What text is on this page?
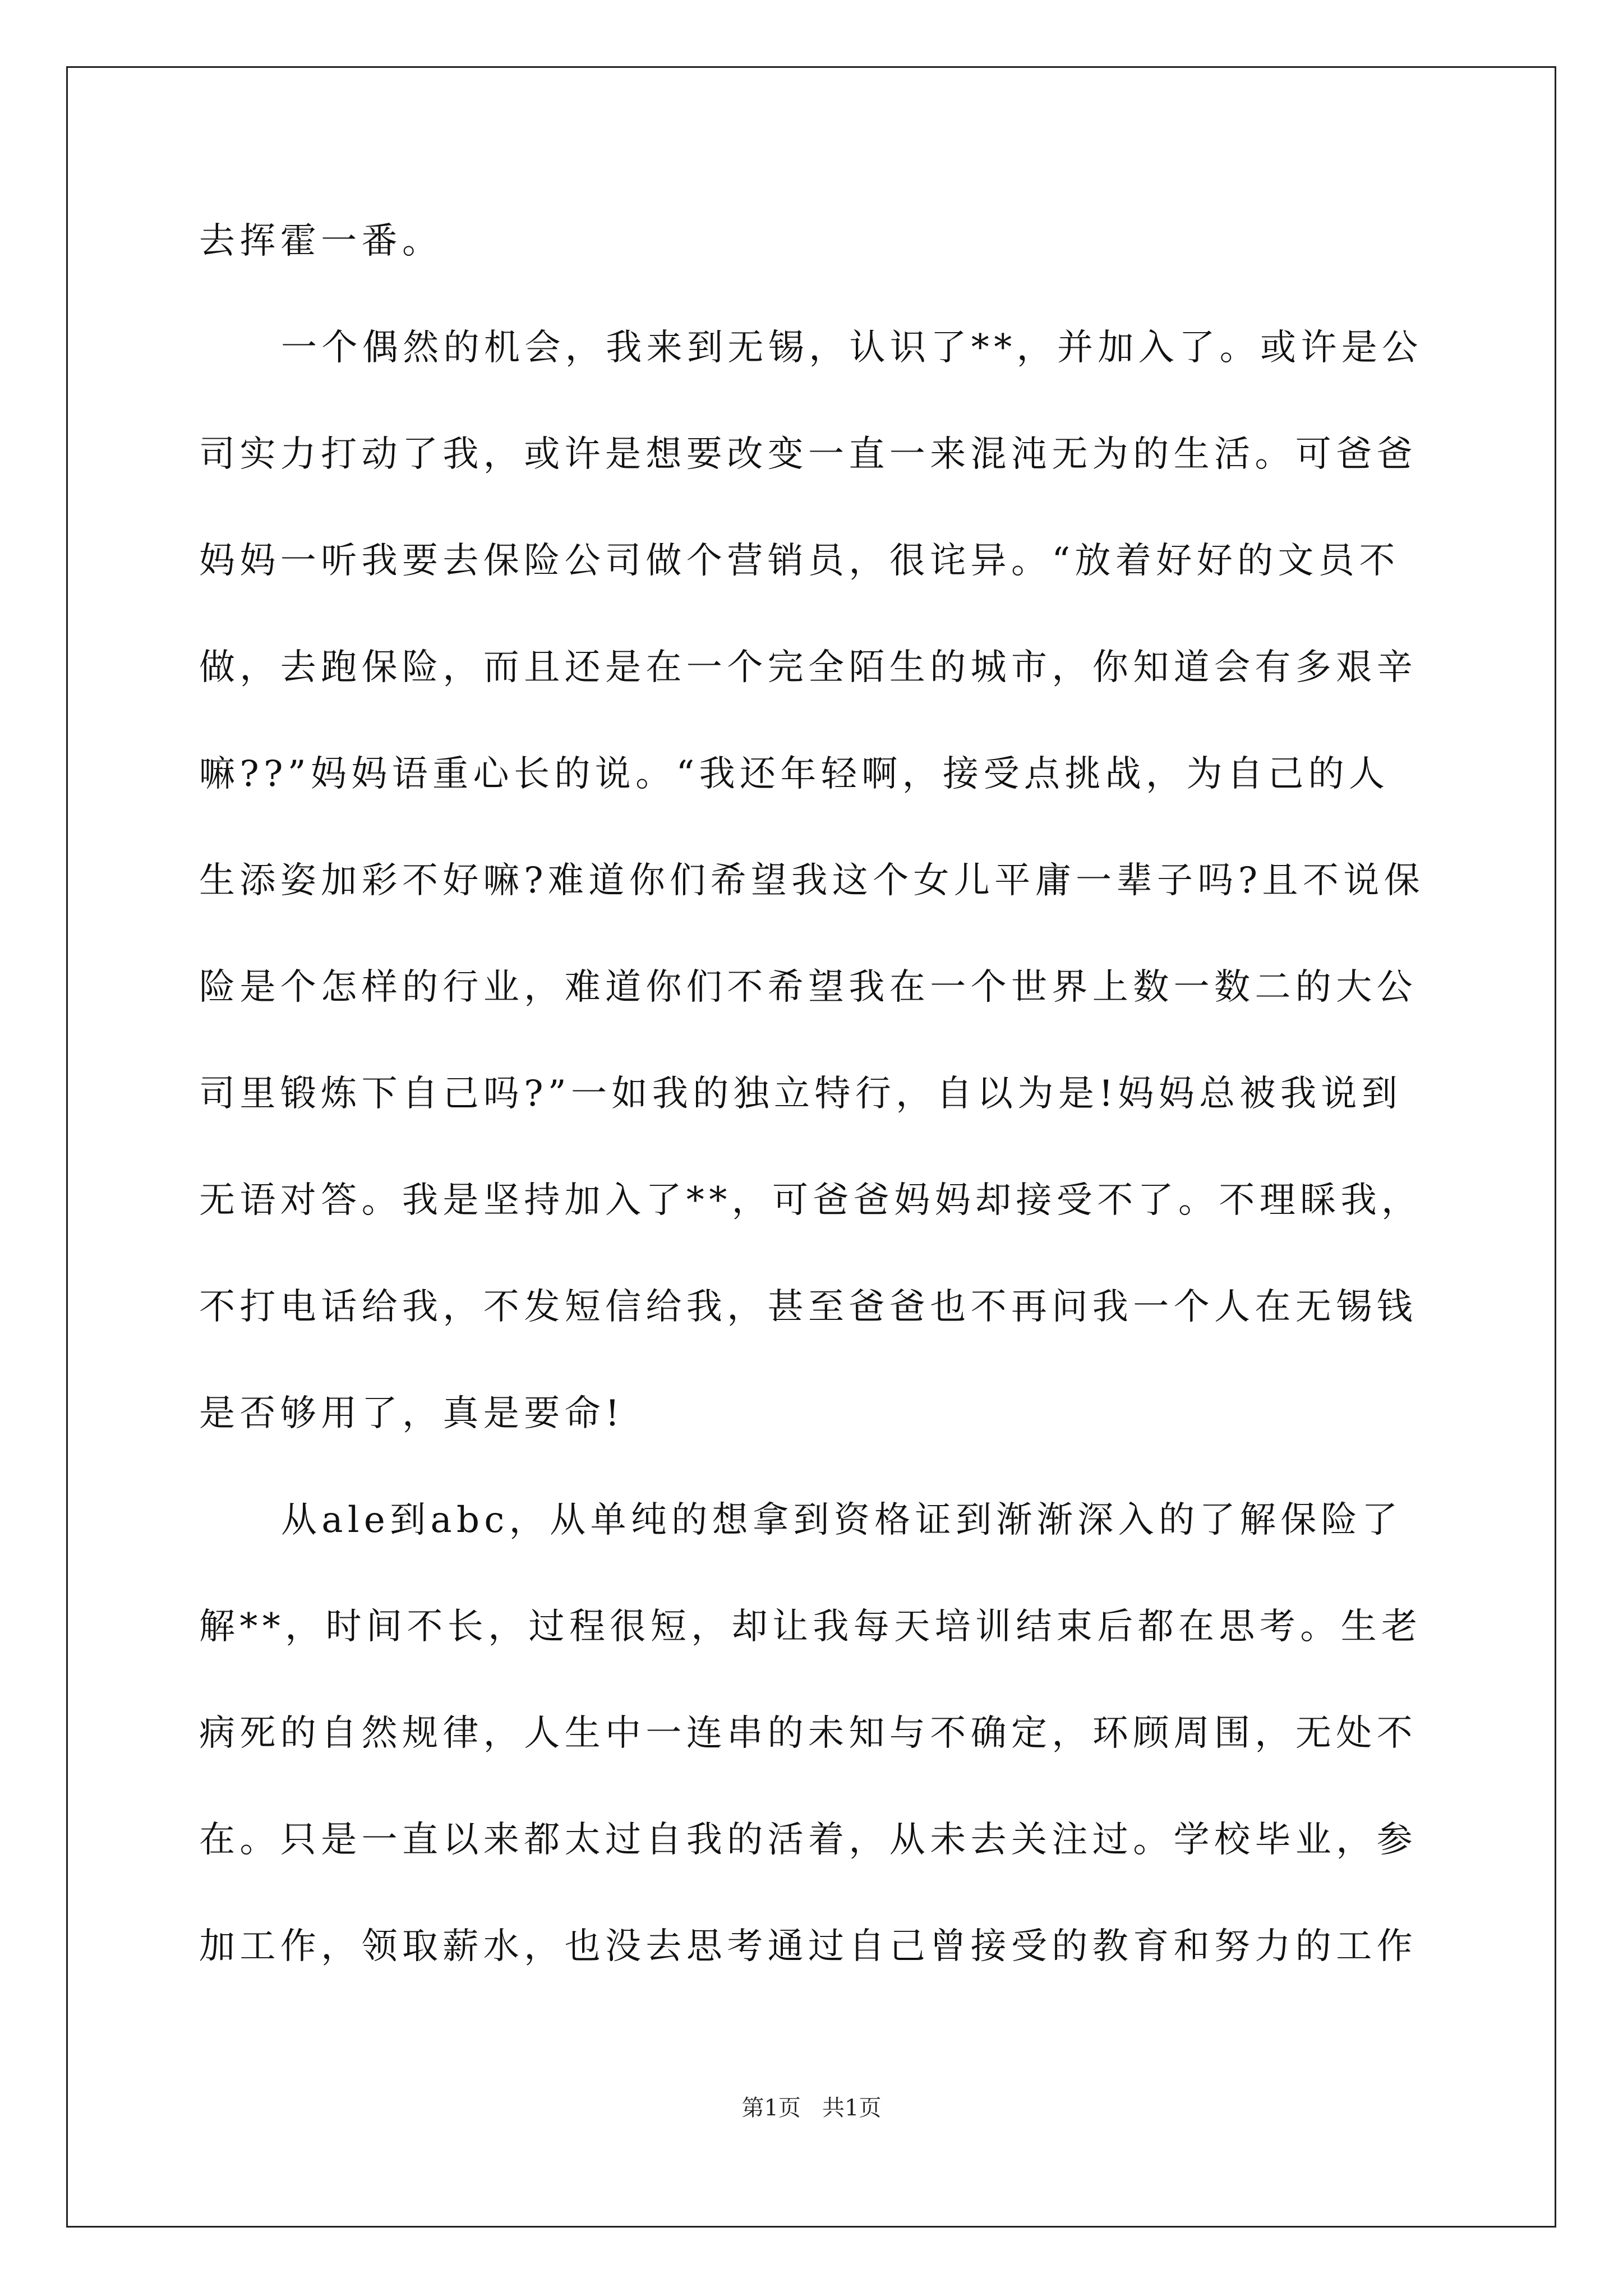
去挥霍一番。
一个偶然的机会，我来到无锡，认识了**，并加入了。或许是公
司实力打动了我，或许是想要改变一直一来混沌无为的生活。可爸爸
妈妈一听我要去保险公司做个营销员，很诧异。“放着好好的文员不
做，去跑保险，而且还是在一个完全陌生的城市，你知道会有多艰辛
嘛??”妈妈语重心长的说。“我还年轻啊，接受点挑战，为自己的人
生添姿加彩不好嘛?难道你们希望我这个女儿平庸一辈子吗?且不说保
险是个怎样的行业，难道你们不希望我在一个世界上数一数二的大公
司里锻炼下自己吗?”一如我的独立特行，自以为是!妈妈总被我说到
无语对答。我是坚持加入了**，可爸爸妈妈却接受不了。不理睬我，
不打电话给我，不发短信给我，甚至爸爸也不再问我一个人在无锡钱
是否够用了，真是要命!
从ale到abc，从单纯的想拿到资格证到渐渐深入的了解保险了
解**，时间不长，过程很短，却让我每天培训结束后都在思考。生老
病死的自然规律，人生中一连串的未知与不确定，环顾周围，无处不
在。只是一直以来都太过自我的活着，从未去关注过。学校毕业，参
加工作，领取薪水，也没去思考通过自己曾接受的教育和努力的工作
第1页   共1页
